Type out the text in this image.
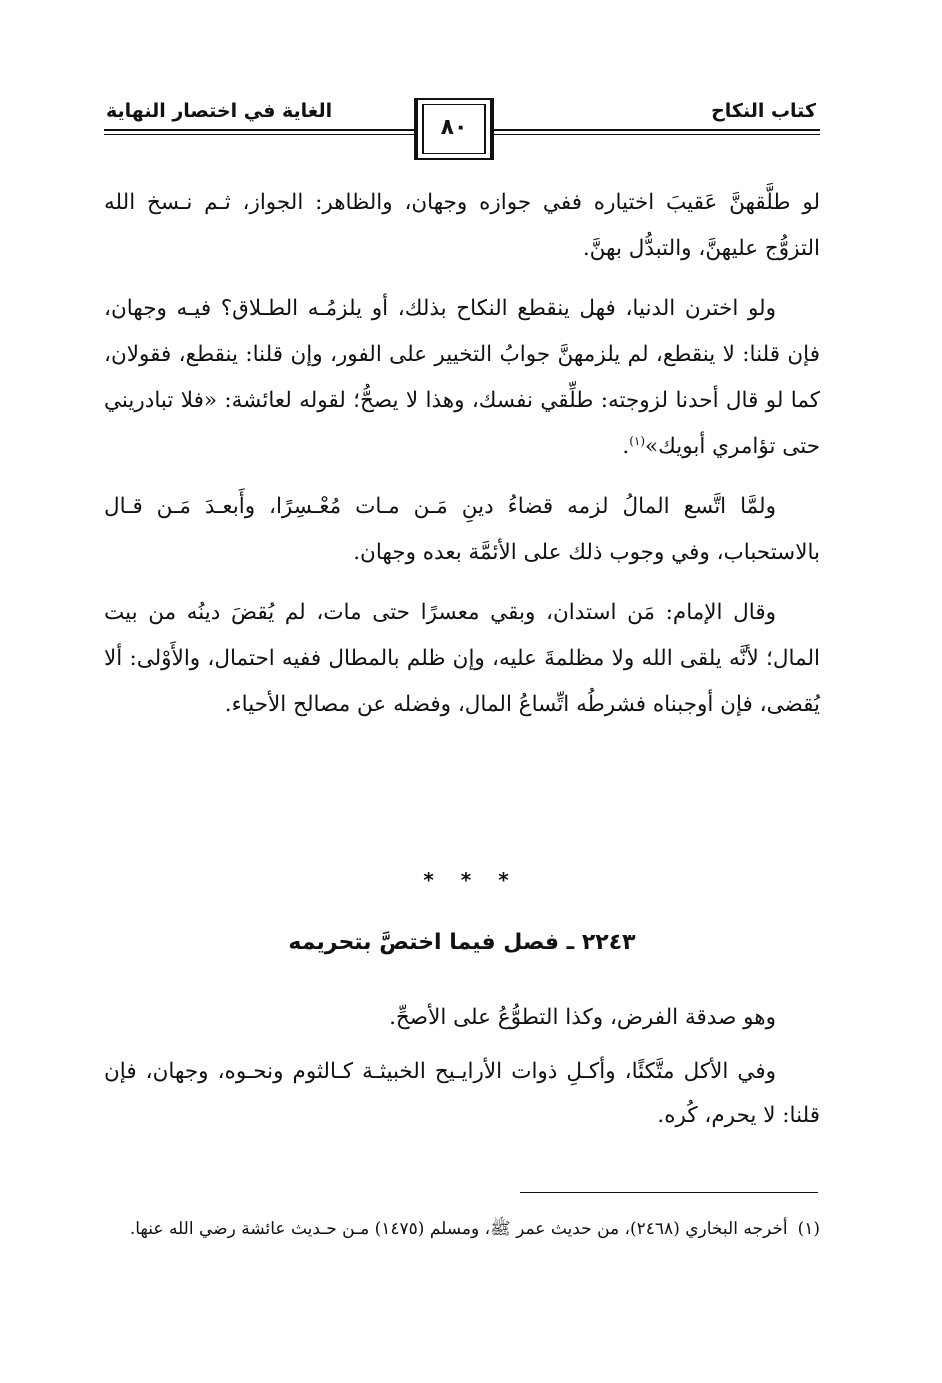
كتاب النكاح
الغاية في اختصار النهاية
٨٠

لو طلَّقهنَّ عَقيبَ اختياره ففي جوازه وجهان، والظاهر: الجواز، ثـم نـسخ الله التزوُّج عليهنَّ، والتبدُّل بهنَّ.

ولو اخترن الدنيا، فهل ينقطع النكاح بذلك، أو يلزمُـه الطـلاق؟ فيـه وجهان، فإن قلنا: لا ينقطع، لم يلزمهنَّ جوابُ التخيير على الفور، وإن قلنا: ينقطع، فقولان، كما لو قال أحدنا لزوجته: طلِّقي نفسك، وهذا لا يصحُّ؛ لقوله لعائشة: «فلا تبادريني حتى تؤامري أبويك»$^{(١)}$.

ولمَّا اتَّسع المالُ لزمه قضاءُ دينِ مَـن مـات مُعْـسِرًا، وأَبعـدَ مَـن قـال بالاستحباب، وفي وجوب ذلك على الأئمَّة بعده وجهان.

وقال الإمام: مَن استدان، وبقي معسرًا حتى مات، لم يُقضَ دينُه من بيت المال؛ لأنَّه يلقى الله ولا مظلمةَ عليه، وإن ظلم بالمطال ففيه احتمال، والأَوْلى: ألا يُقضى، فإن أوجبناه فشرطُه اتِّساعُ المال، وفضله عن مصالح الأحياء.

* * *
٢٢٤٣ ـ فصل فيما اختصَّ بتحريمه

وهو صدقة الفرض، وكذا التطوُّعُ على الأصحِّ.

وفي الأكل متَّكئًا، وأكـلِ ذوات الأرايـيح الخبيثـة كـالثوم ونحـوه، وجهان، فإن قلنا: لا يحرم، كُره.

(١)أخرجه البخاري (٢٤٦٨)، من حديث عمر ﷺ، ومسلم (١٤٧٥) مـن حـديث عائشة رضي الله عنها.
